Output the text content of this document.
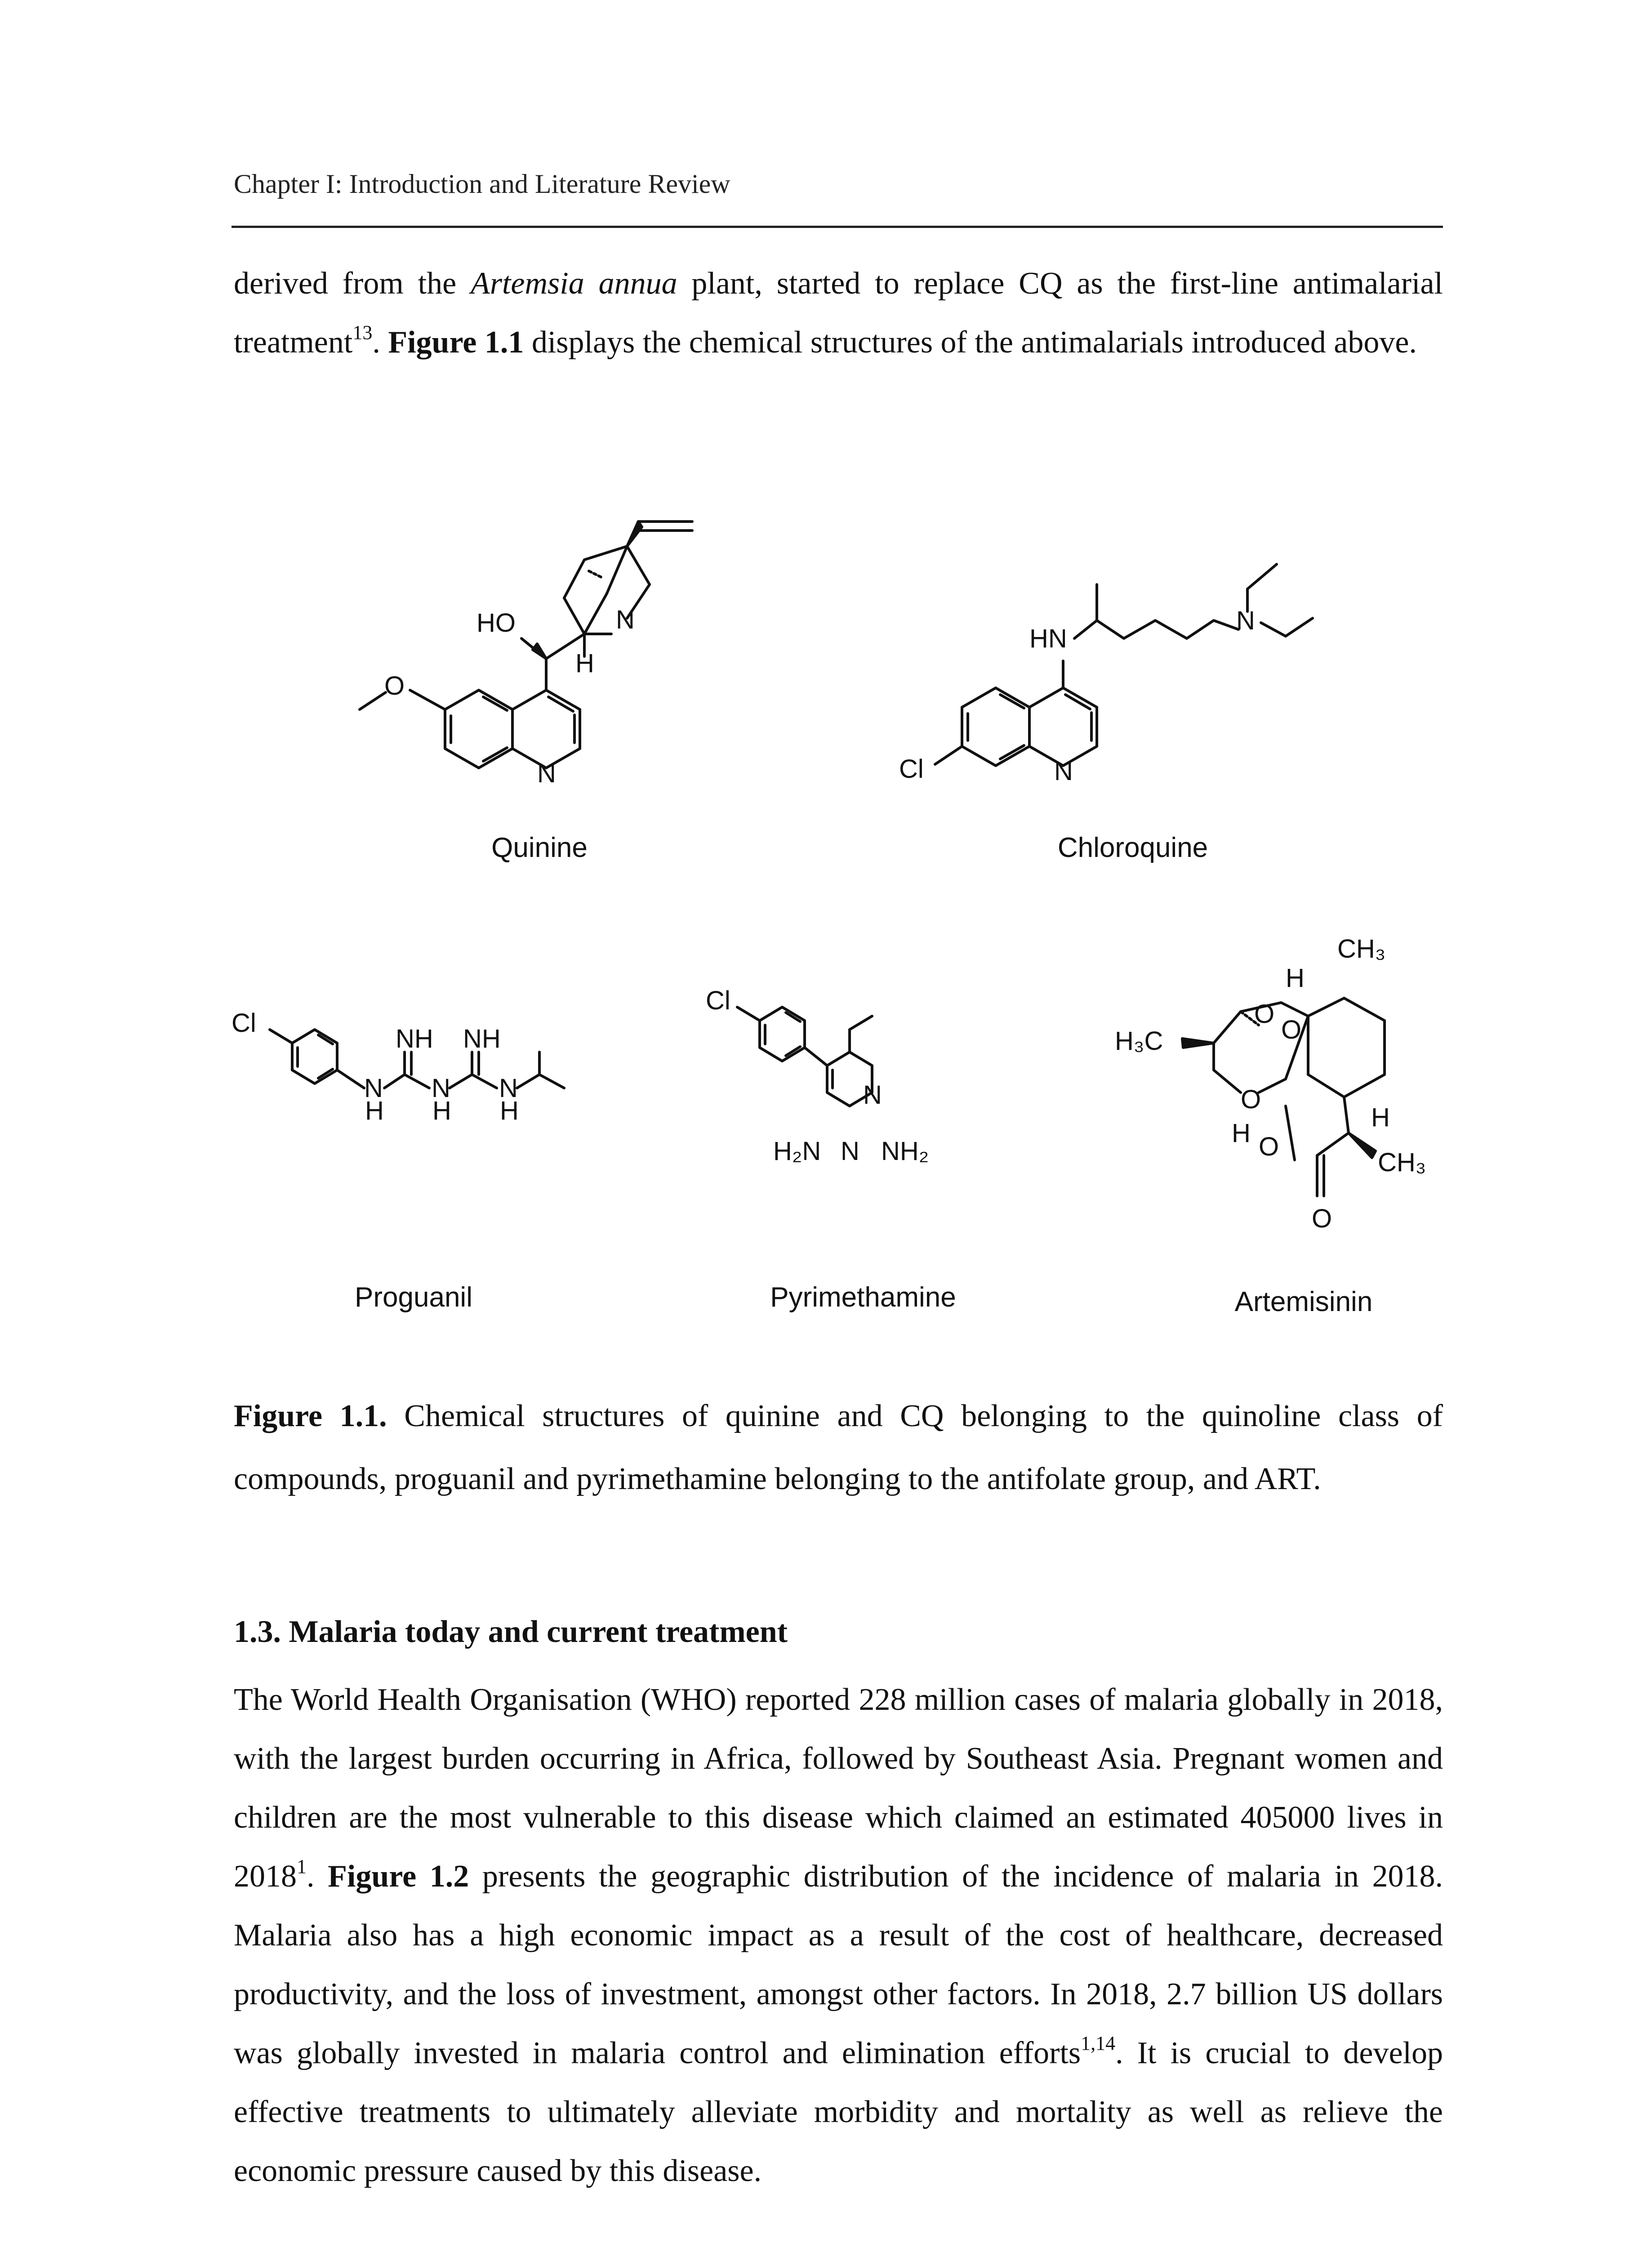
Chapter I: Introduction and Literature Review

derived from the Artemsia annua plant, started to replace CQ as the first-line antimalarial treatment$^{13}$. Figure 1.1 displays the chemical structures of the antimalarials introduced above.

HO	N
H
O
N
HN
N
Cl	N
Cl
NH NH
N
H
N
H
N
H
Cl
N
H₂N N NH₂
O
O
O
O
O
H
H
H
CH₃
H₃C
CH₃
Quinine	Chloroquine
Proguanil	Pyrimethamine	Artemisinin

Figure 1.1. Chemical structures of quinine and CQ belonging to the quinoline class of compounds, proguanil and pyrimethamine belonging to the antifolate group, and ART.

1.3. Malaria today and current treatment

The World Health Organisation (WHO) reported 228 million cases of malaria globally in 2018, with the largest burden occurring in Africa, followed by Southeast Asia. Pregnant women and children are the most vulnerable to this disease which claimed an estimated 405000 lives in 2018$^1$. Figure 1.2 presents the geographic distribution of the incidence of malaria in 2018. Malaria also has a high economic impact as a result of the cost of healthcare, decreased productivity, and the loss of investment, amongst other factors. In 2018, 2.7 billion US dollars was globally invested in malaria control and elimination efforts$^{1,14}$. It is crucial to develop effective treatments to ultimately alleviate morbidity and mortality as well as relieve the economic pressure caused by this disease.
